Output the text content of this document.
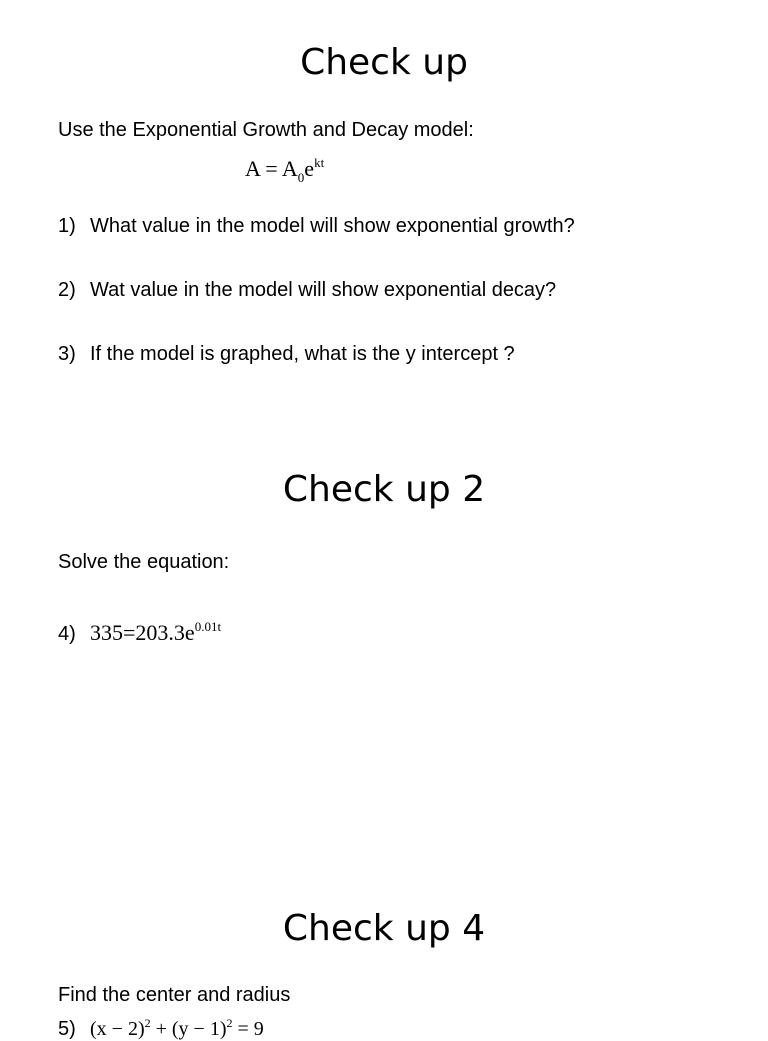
Check up
Use the Exponential Growth and Decay model:
$A = A_0e^{kt}$
1) What value in the model will show exponential growth?
2) Wat value in the model will show exponential decay?
3) If the model is graphed, what is the y intercept ?
Check up 2
Solve the equation:
4) $335=203.3e^{0.01t}$
Check up 4
Find the center and radius
5) $(x - 2)^2 + (y - 1)^2 = 9$
